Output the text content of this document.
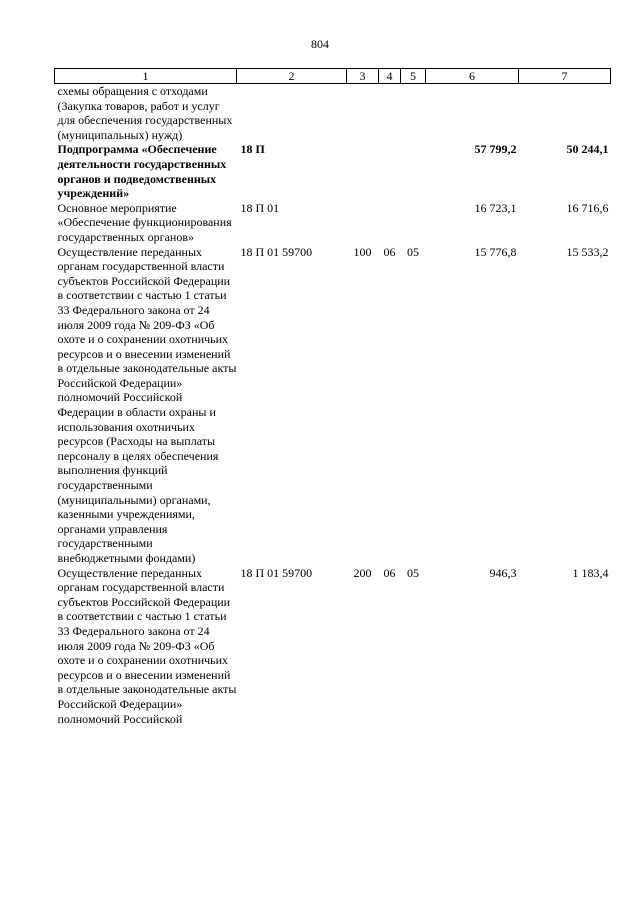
804
1	2	3	4	5	6	7
схемы обращения с отходами (Закупка товаров, работ и услуг для обеспечения государственных (муниципальных) нужд)						
Подпрограмма «Обеспечение деятельности государственных органов и подведомственных учреждений»	18 П				57 799,2	50 244,1
Основное мероприятие «Обеспечение функционирования государственных органов»	18 П 01				16 723,1	16 716,6
Осуществление переданных органам государственной власти субъектов Российской Федерации в соответствии с частью 1 статьи 33 Федерального закона от 24 июля 2009 года № 209-ФЗ «Об охоте и о сохранении охотничьих ресурсов и о внесении изменений в отдельные законодательные акты Российской Федерации» полномочий Российской Федерации в области охраны и использования охотничьих ресурсов (Расходы на выплаты персоналу в целях обеспечения выполнения функций государственными (муниципальными) органами, казенными учреждениями, органами управления государственными внебюджетными фондами)	18 П 01 59700	100	06	05	15 776,8	15 533,2
Осуществление переданных органам государственной власти субъектов Российской Федерации в соответствии с частью 1 статьи 33 Федерального закона от 24 июля 2009 года № 209-ФЗ «Об охоте и о сохранении охотничьих ресурсов и о внесении изменений в отдельные законодательные акты Российской Федерации» полномочий Российской	18 П 01 59700	200	06	05	946,3	1 183,4
